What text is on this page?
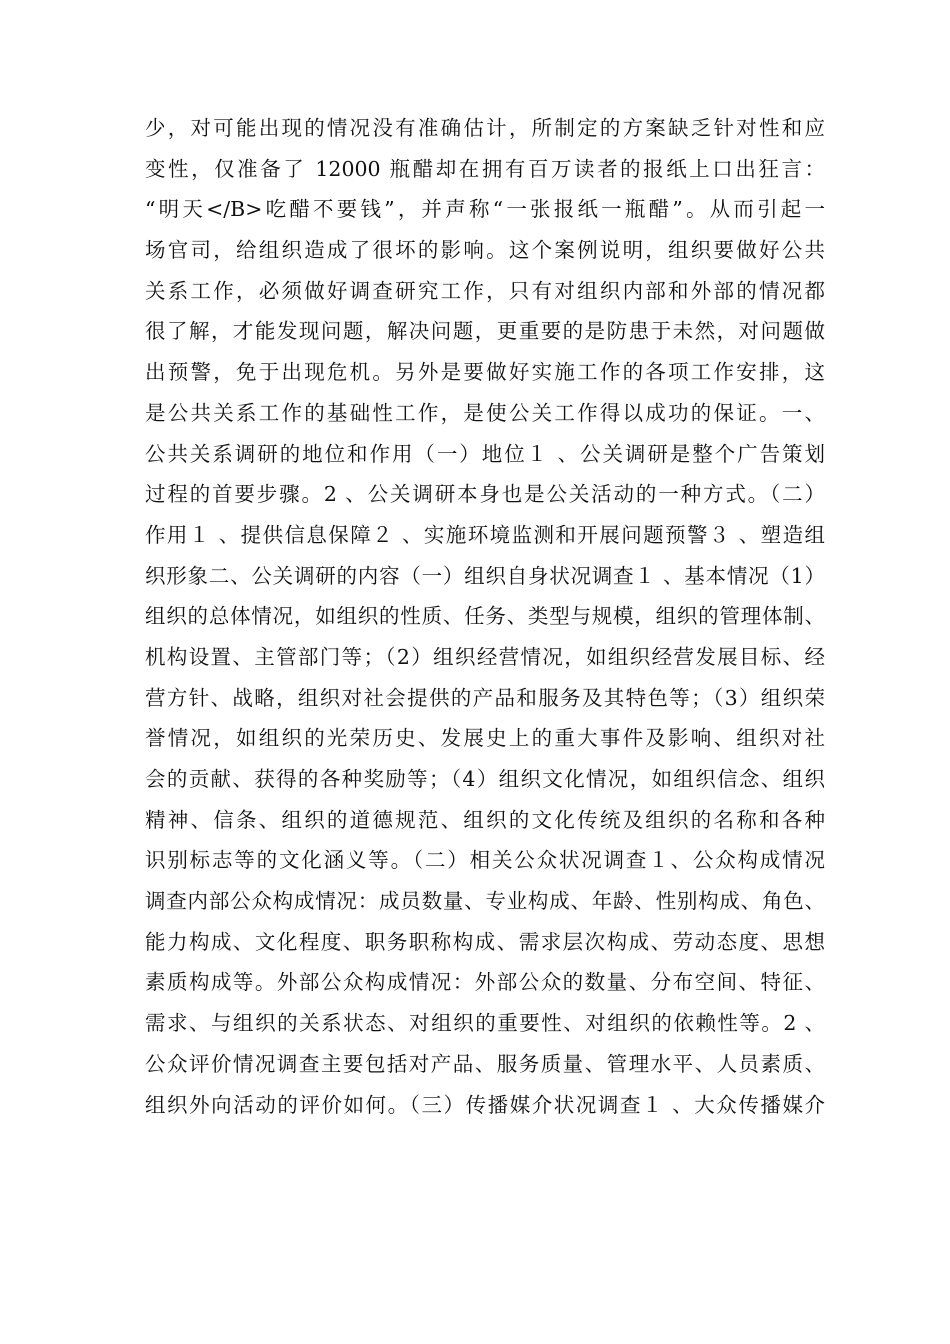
少，对可能出现的情况没有准确估计，所制定的方案缺乏针对性和应
变性，仅准备了 12000 瓶醋却在拥有百万读者的报纸上口出狂言：
“明天</B>吃醋不要钱”，并声称“一张报纸一瓶醋”。从而引起一
场官司，给组织造成了很坏的影响。这个案例说明，组织要做好公共
关系工作，必须做好调查研究工作，只有对组织内部和外部的情况都
很了解，才能发现问题，解决问题，更重要的是防患于未然，对问题做
出预警，免于出现危机。另外是要做好实施工作的各项工作安排，这
是公共关系工作的基础性工作，是使公关工作得以成功的保证。一、
公共关系调研的地位和作用（一）地位１ 、公关调研是整个广告策划
过程的首要步骤。2 、公关调研本身也是公关活动的一种方式。（二）
作用１ 、提供信息保障２ 、实施环境监测和开展问题预警３ 、塑造组
织形象二、公关调研的内容（一）组织自身状况调查１ 、基本情况（1）
组织的总体情况，如组织的性质、任务、类型与规模，组织的管理体制、
机构设置、主管部门等；（2）组织经营情况，如组织经营发展目标、经
营方针、战略，组织对社会提供的产品和服务及其特色等；（3）组织荣
誉情况，如组织的光荣历史、发展史上的重大事件及影响、组织对社
会的贡献、获得的各种奖励等；（4）组织文化情况，如组织信念、组织
精神、信条、组织的道德规范、组织的文化传统及组织的名称和各种
识别标志等的文化涵义等。（二）相关公众状况调查１、公众构成情况
调查内部公众构成情况：成员数量、专业构成、年龄、性别构成、角色、
能力构成、文化程度、职务职称构成、需求层次构成、劳动态度、思想
素质构成等。外部公众构成情况：外部公众的数量、分布空间、特征、
需求、与组织的关系状态、对组织的重要性、对组织的依赖性等。2 、
公众评价情况调查主要包括对产品、服务质量、管理水平、人员素质、
组织外向活动的评价如何。（三）传播媒介状况调查１ 、大众传播媒介
